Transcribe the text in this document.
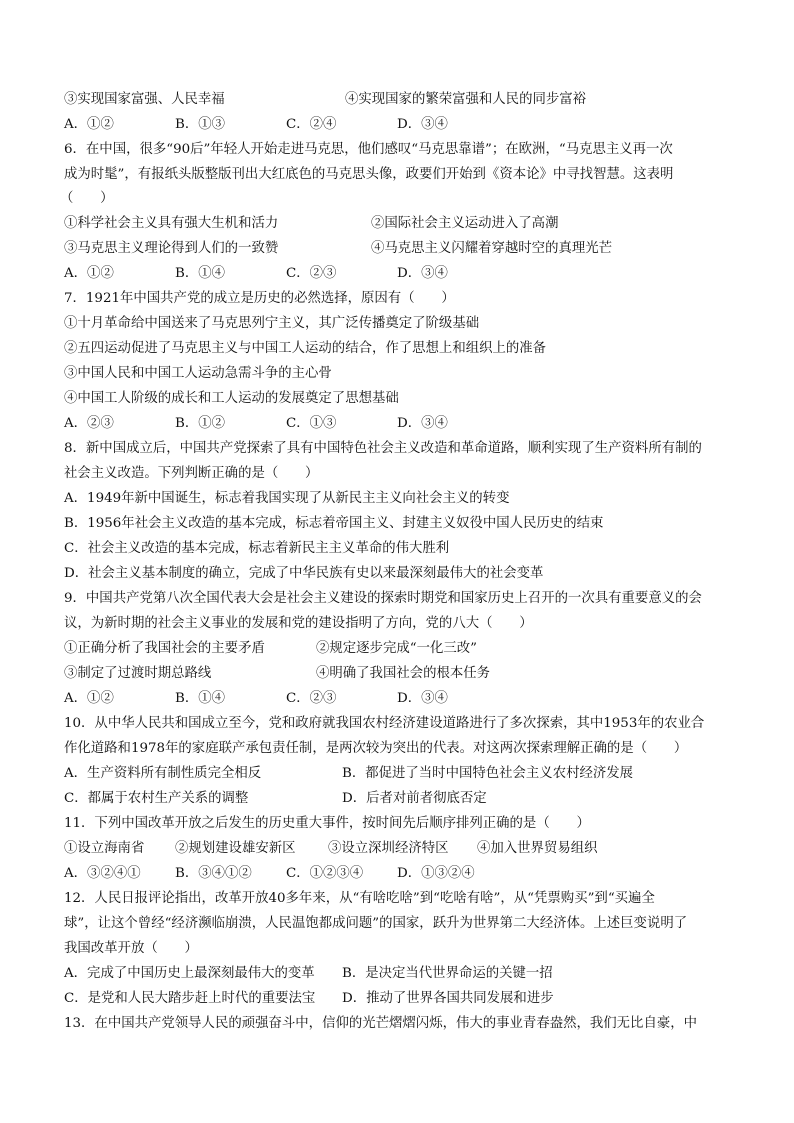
③实现国家富强、人民幸福	④实现国家的繁荣富强和人民的同步富裕
A．①②	B．①③	C．②④	D．③④
6．在中国，很多“90后”年轻人开始走进马克思，他们感叹“马克思靠谱”；在欧洲，“马克思主义再一次
成为时髦”，有报纸头版整版刊出大红底色的马克思头像，政要们开始到《资本论》中寻找智慧。这表明
（　　）
①科学社会主义具有强大生机和活力	②国际社会主义运动进入了高潮
③马克思主义理论得到人们的一致赞	④马克思主义闪耀着穿越时空的真理光芒
A．①②	B．①④	C．②③	D．③④
7．1921年中国共产党的成立是历史的必然选择，原因有（　　）
①十月革命给中国送来了马克思列宁主义，其广泛传播奠定了阶级基础
②五四运动促进了马克思主义与中国工人运动的结合，作了思想上和组织上的准备
③中国人民和中国工人运动急需斗争的主心骨
④中国工人阶级的成长和工人运动的发展奠定了思想基础
A．②③	B．①②	C．①③	D．③④
8．新中国成立后，中国共产党探索了具有中国特色社会主义改造和革命道路，顺利实现了生产资料所有制的
社会主义改造。下列判断正确的是（　　）
A．1949年新中国诞生，标志着我国实现了从新民主主义向社会主义的转变
B．1956年社会主义改造的基本完成，标志着帝国主义、封建主义奴役中国人民历史的结束
C．社会主义改造的基本完成，标志着新民主主义革命的伟大胜利
D．社会主义基本制度的确立，完成了中华民族有史以来最深刻最伟大的社会变革
9．中国共产党第八次全国代表大会是社会主义建设的探索时期党和国家历史上召开的一次具有重要意义的会
议，为新时期的社会主义事业的发展和党的建设指明了方向，党的八大（　　）
①正确分析了我国社会的主要矛盾	②规定逐步完成“一化三改”
③制定了过渡时期总路线	④明确了我国社会的根本任务
A．①②	B．①④	C．②③	D．③④
10．从中华人民共和国成立至今，党和政府就我国农村经济建设道路进行了多次探索，其中1953年的农业合
作化道路和1978年的家庭联产承包责任制，是两次较为突出的代表。对这两次探索理解正确的是（　　）
A．生产资料所有制性质完全相反	B．都促进了当时中国特色社会主义农村经济发展
C．都属于农村生产关系的调整	D．后者对前者彻底否定
11．下列中国改革开放之后发生的历史重大事件，按时间先后顺序排列正确的是（　　）
①设立海南省 ②规划建设雄安新区 ③设立深圳经济特区 ④加入世界贸易组织
A．③②④①	B．③④①②	C．①②③④	D．①③②④
12．人民日报评论指出，改革开放40多年来，从“有啥吃啥”到“吃啥有啥”，从“凭票购买”到“买遍全
球”，让这个曾经“经济濒临崩溃，人民温饱都成问题”的国家，跃升为世界第二大经济体。上述巨变说明了
我国改革开放（　　）
A．完成了中国历史上最深刻最伟大的变革 B．是决定当代世界命运的关键一招
C．是党和人民大踏步赶上时代的重要法宝 D．推动了世界各国共同发展和进步
13．在中国共产党领导人民的顽强奋斗中，信仰的光芒熠熠闪烁，伟大的事业青春盎然，我们无比自豪，中
